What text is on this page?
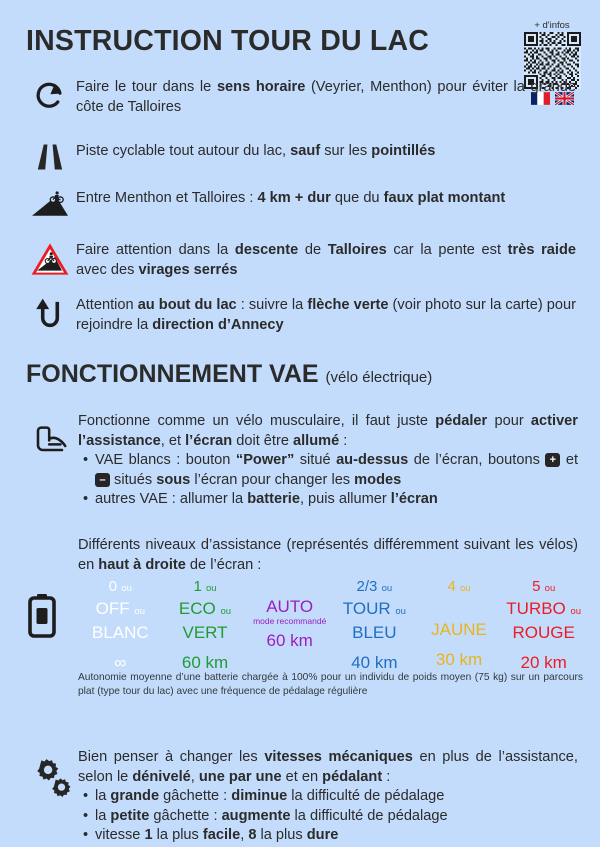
INSTRUCTION TOUR DU LAC	+ d'infos
Faire le tour dans le sens horaire (Veyrier, Menthon) pour éviter la grande côte de Talloires
Piste cyclable tout autour du lac, sauf sur les pointillés
Entre Menthon et Talloires : 4 km + dur que du faux plat montant
Faire attention dans la descente de Talloires car la pente est très raide avec des virages serrés
Attention au bout du lac : suivre la flèche verte (voir photo sur la carte) pour rejoindre la direction d’Annecy
FONCTIONNEMENT VAE (vélo électrique)
Fonctionne comme un vélo musculaire, il faut juste pédaler pour activer l’assistance, et l’écran doit être allumé :
• VAE blancs : bouton “Power” situé au-dessus de l’écran, boutons + et – situés sous l’écran pour changer les modes
• autres VAE : allumer la batterie, puis allumer l’écran
Différents niveaux d’assistance (représentés différemment suivant les vélos) en haut à droite de l’écran :
0 ou
OFF ou
BLANC
∞
1 ou
ECO ou
VERT
60 km

AUTO
mode recommandé
60 km
2/3 ou
TOUR ou
BLEU
40 km
4 ou

JAUNE
30 km
5 ou
TURBO ou
ROUGE
20 km
Autonomie moyenne d’une batterie chargée à 100% pour un individu de poids moyen (75 kg) sur un parcours plat (type tour du lac) avec une fréquence de pédalage régulière
Bien penser à changer les vitesses mécaniques en plus de l’assistance, selon le dénivelé, une par une et en pédalant :
• la grande gâchette : diminue la difficulté de pédalage
• la petite gâchette : augmente la difficulté de pédalage
• vitesse 1 la plus facile, 8 la plus dure
